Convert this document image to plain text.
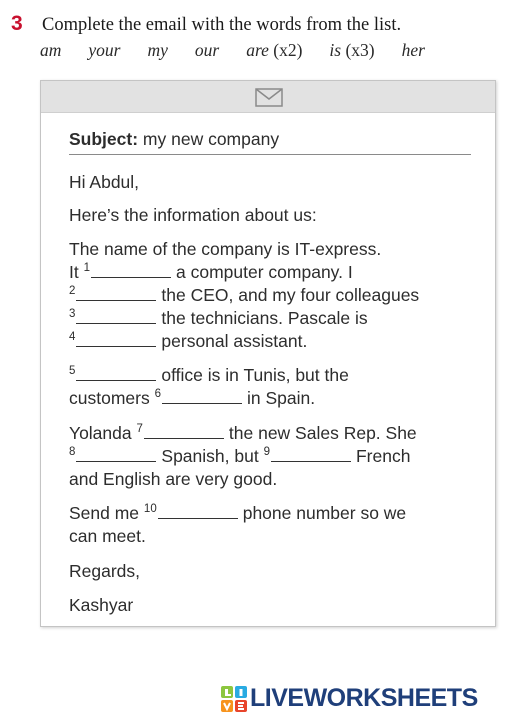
3	Complete the email with the words from the list.
am your my our are (x2) is (x3) her
Subject: my new company
Hi Abdul,
Here’s the information about us:
The name of the company is IT-express.
It $^1$	a computer company. I
$^2$	the CEO, and my four colleagues
$^3$	the technicians. Pascale is
$^4$	personal assistant.
$^5$	office is in Tunis, but the
customers $^6$	in Spain.
Yolanda $^7$	the new Sales Rep. She
$^8$	Spanish, but $^9$	French
and English are very good.
Send me $^{10}$	phone number so we
can meet.
Regards,
Kashyar
LIVEWORKSHEETS
